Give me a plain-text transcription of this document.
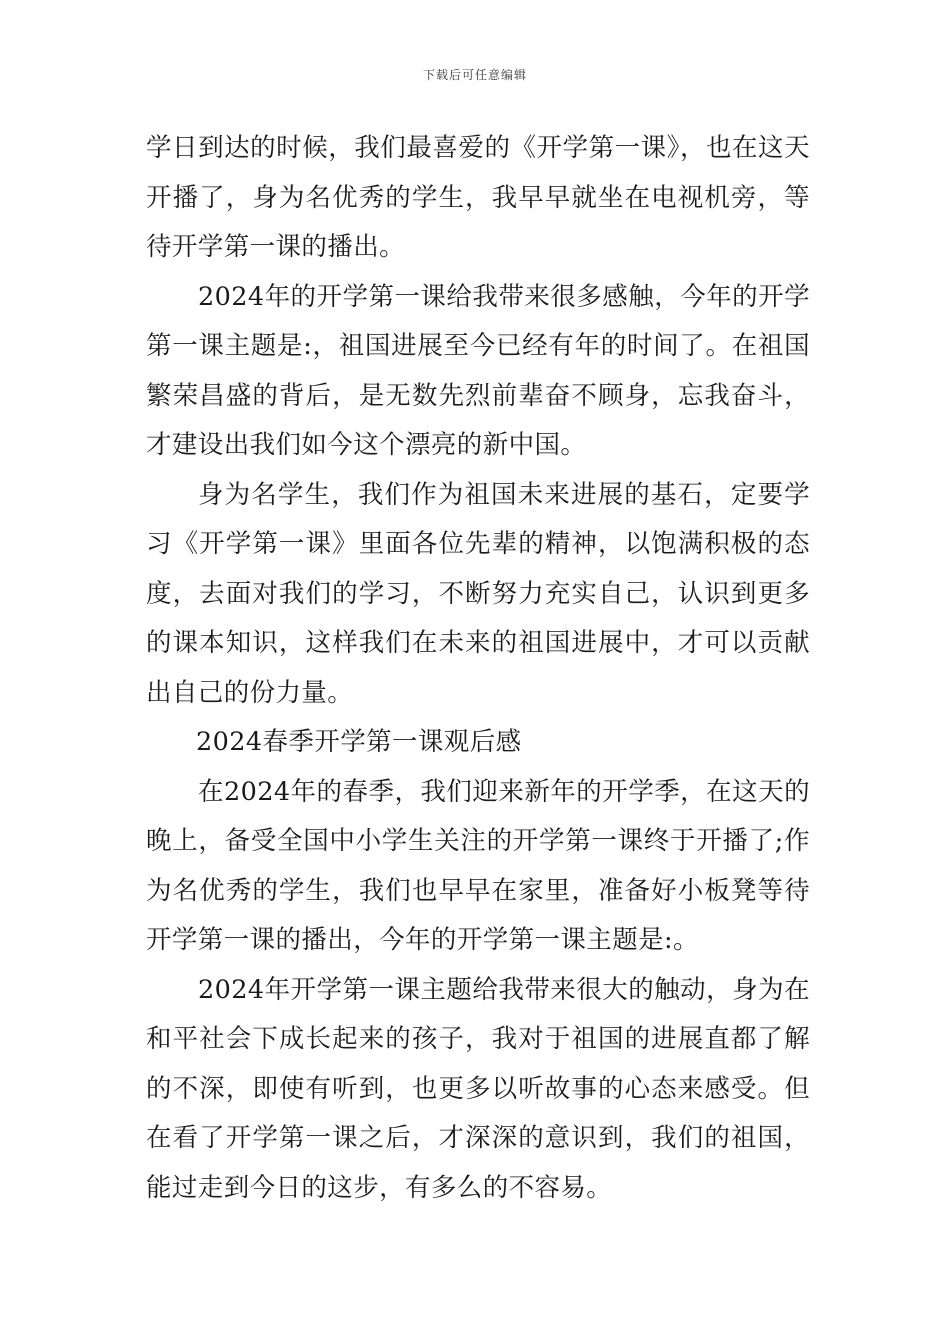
下载后可任意编辑

学日到达的时候，我们最喜爱的《开学第一课》，也在这天开播了，身为名优秀的学生，我早早就坐在电视机旁，等待开学第一课的播出。

2024年的开学第一课给我带来很多感触，今年的开学第一课主题是:，祖国进展至今已经有年的时间了。在祖国繁荣昌盛的背后，是无数先烈前辈奋不顾身，忘我奋斗，才建设出我们如今这个漂亮的新中国。

身为名学生，我们作为祖国未来进展的基石，定要学习《开学第一课》里面各位先辈的精神，以饱满积极的态度，去面对我们的学习，不断努力充实自己，认识到更多的课本知识，这样我们在未来的祖国进展中，才可以贡献出自己的份力量。

2024春季开学第一课观后感

在2024年的春季，我们迎来新年的开学季，在这天的晚上，备受全国中小学生关注的开学第一课终于开播了;作为名优秀的学生，我们也早早在家里，准备好小板凳等待开学第一课的播出，今年的开学第一课主题是:。

2024年开学第一课主题给我带来很大的触动，身为在和平社会下成长起来的孩子，我对于祖国的进展直都了解的不深，即使有听到，也更多以听故事的心态来感受。但在看了开学第一课之后，才深深的意识到，我们的祖国，能过走到今日的这步，有多么的不容易。
